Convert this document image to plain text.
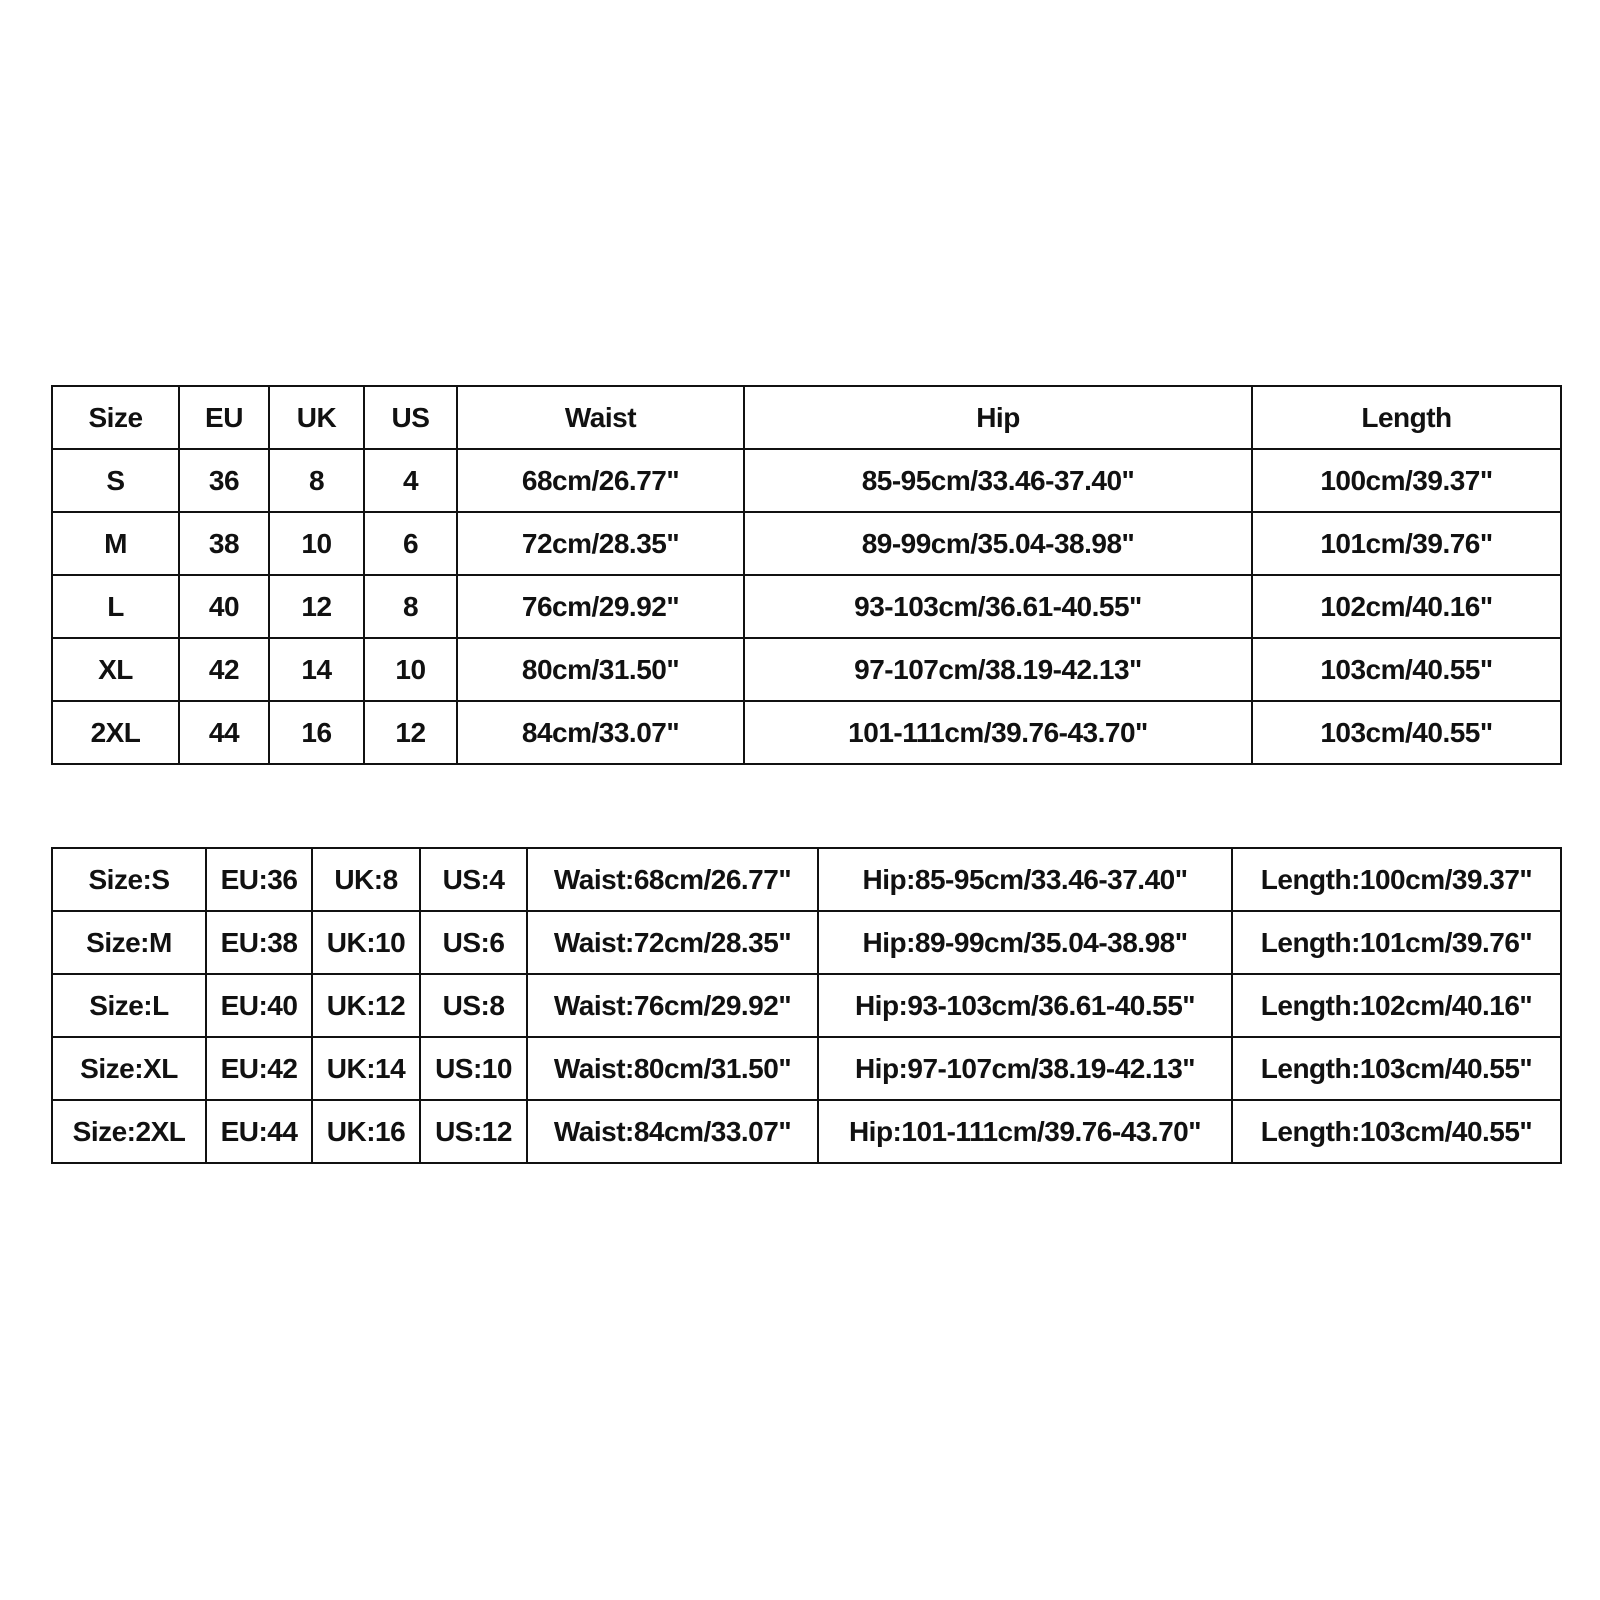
Size	EU	UK	US	Waist	Hip	Length
S	36	8	4	68cm/26.77"	85-95cm/33.46-37.40"	100cm/39.37"
M	38	10	6	72cm/28.35"	89-99cm/35.04-38.98"	101cm/39.76"
L	40	12	8	76cm/29.92"	93-103cm/36.61-40.55"	102cm/40.16"
XL	42	14	10	80cm/31.50"	97-107cm/38.19-42.13"	103cm/40.55"
2XL	44	16	12	84cm/33.07"	101-111cm/39.76-43.70"	103cm/40.55"
Size:S	EU:36	UK:8	US:4	Waist:68cm/26.77"	Hip:85-95cm/33.46-37.40"	Length:100cm/39.37"
Size:M	EU:38	UK:10	US:6	Waist:72cm/28.35"	Hip:89-99cm/35.04-38.98"	Length:101cm/39.76"
Size:L	EU:40	UK:12	US:8	Waist:76cm/29.92"	Hip:93-103cm/36.61-40.55"	Length:102cm/40.16"
Size:XL	EU:42	UK:14	US:10	Waist:80cm/31.50"	Hip:97-107cm/38.19-42.13"	Length:103cm/40.55"
Size:2XL	EU:44	UK:16	US:12	Waist:84cm/33.07"	Hip:101-111cm/39.76-43.70"	Length:103cm/40.55"
